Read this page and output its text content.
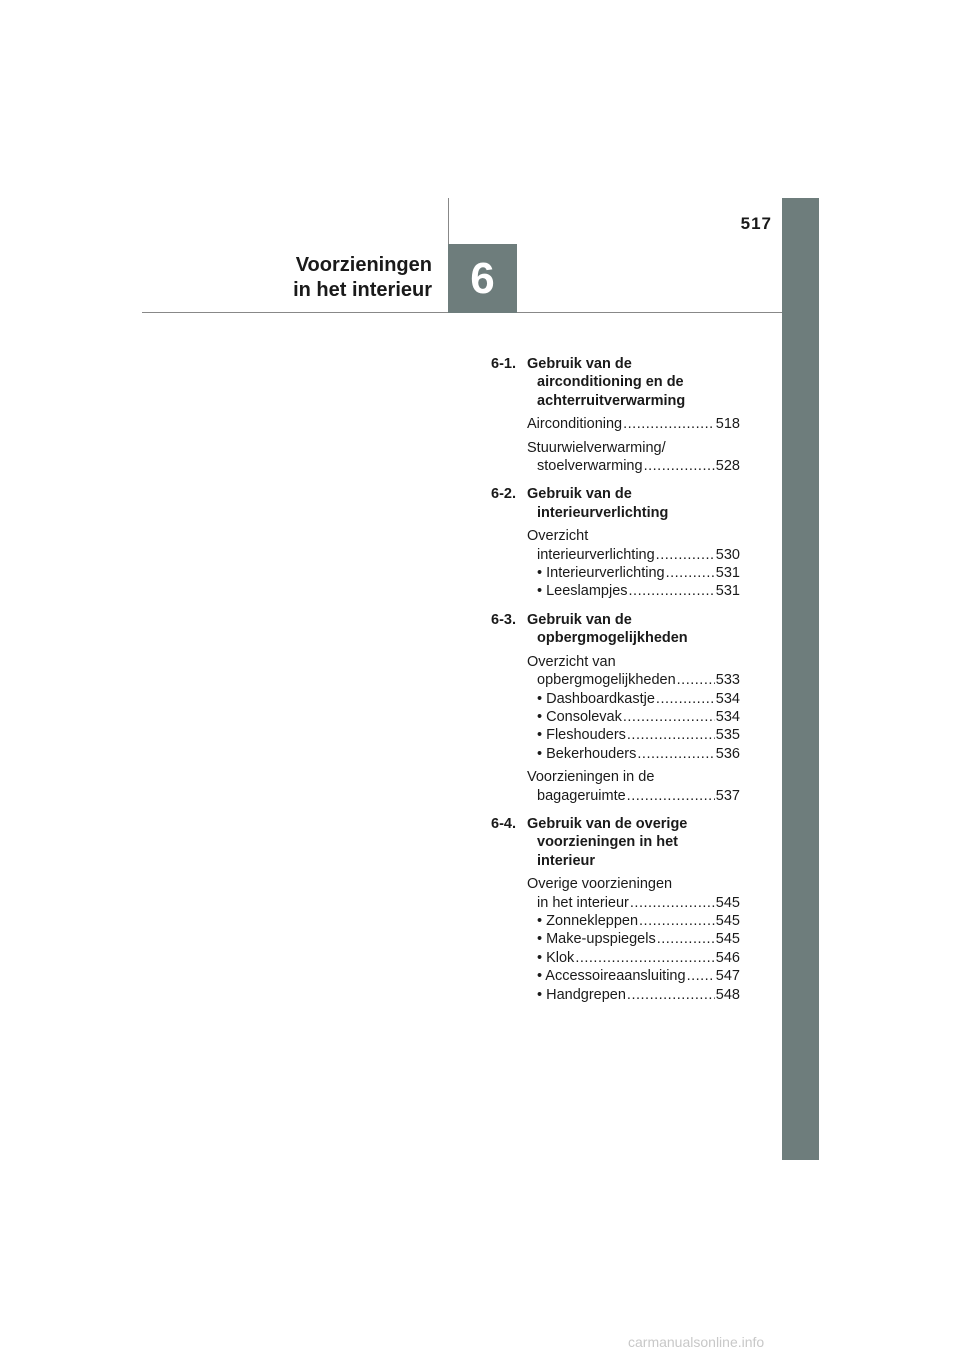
517
Voorzieningen
in het interieur 6
6-1. Gebruik van de
airconditioning en de
achterruitverwarming
Airconditioning .....	518
Stuurwielverwarming/
stoelverwarming .....	528
6-2. Gebruik van de
interieurverlichting
Overzicht
interieurverlichting .....	530
• Interieurverlichting .....	531
• Leeslampjes .....	531
6-3. Gebruik van de
opbergmogelijkheden
Overzicht van
opbergmogelijkheden .....	533
• Dashboardkastje .....	534
• Consolevak .....	534
• Fleshouders .....	535
• Bekerhouders .....	536
Voorzieningen in de
bagageruimte .....	537
6-4. Gebruik van de overige
voorzieningen in het
interieur
Overige voorzieningen
in het interieur .....	545
• Zonnekleppen .....	545
• Make-upspiegels .....	545
• Klok .....	546
• Accessoireaansluiting ..... 547
• Handgrepen .....	548
carmanualsonline.info
